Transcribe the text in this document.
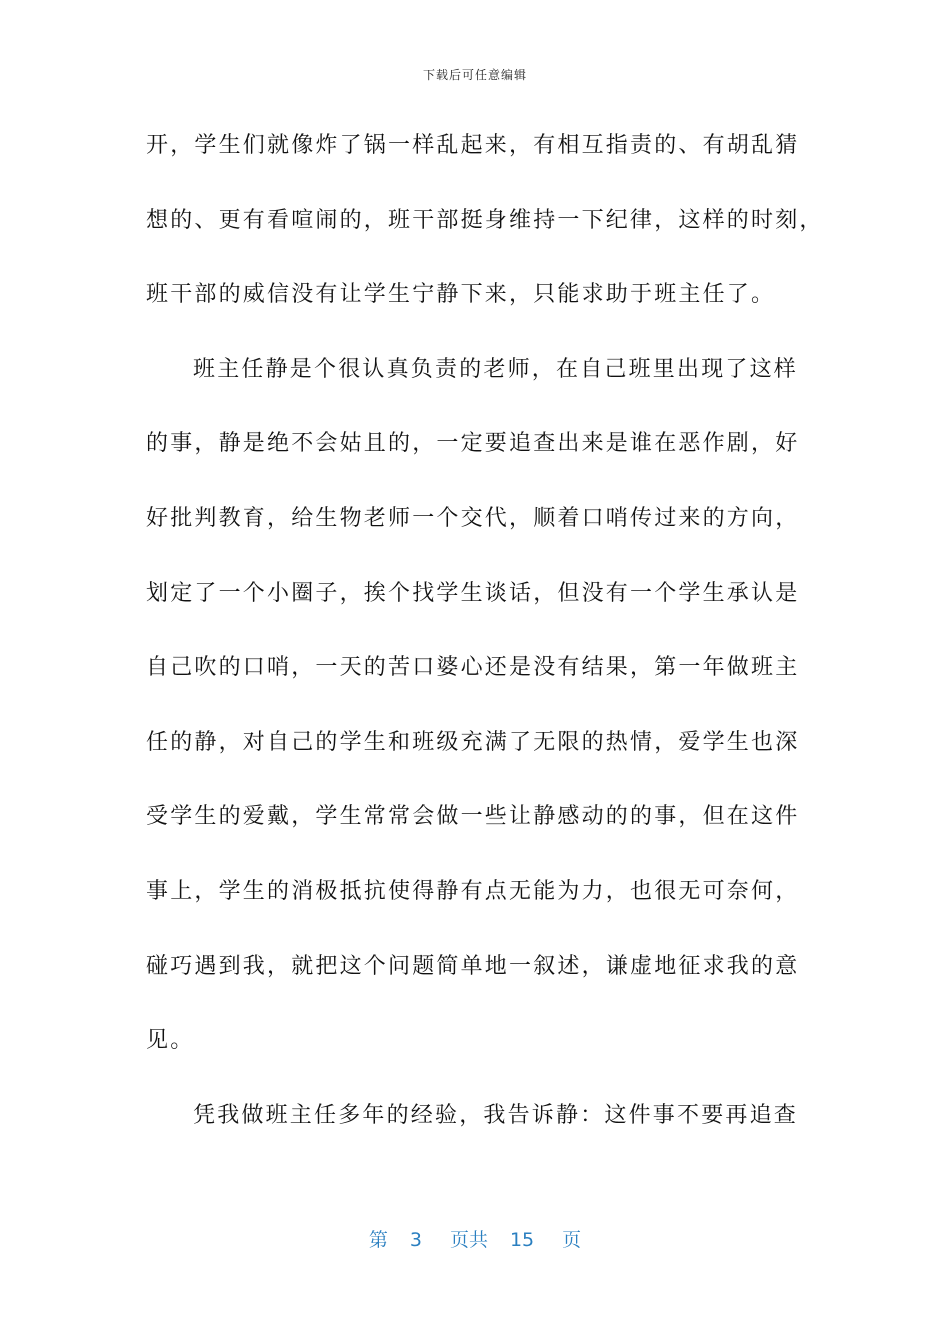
下载后可任意编辑
开，学生们就像炸了锅一样乱起来，有相互指责的、有胡乱猜
想的、更有看喧闹的，班干部挺身维持一下纪律，这样的时刻，
班干部的威信没有让学生宁静下来，只能求助于班主任了。
班主任静是个很认真负责的老师，在自己班里出现了这样
的事，静是绝不会姑且的，一定要追查出来是谁在恶作剧，好
好批判教育，给生物老师一个交代，顺着口哨传过来的方向，
划定了一个小圈子，挨个找学生谈话，但没有一个学生承认是
自己吹的口哨，一天的苦口婆心还是没有结果，第一年做班主
任的静，对自己的学生和班级充满了无限的热情，爱学生也深
受学生的爱戴，学生常常会做一些让静感动的的事，但在这件
事上，学生的消极抵抗使得静有点无能为力，也很无可奈何，
碰巧遇到我，就把这个问题简单地一叙述，谦虚地征求我的意
见。
凭我做班主任多年的经验，我告诉静：这件事不要再追查
第 3 页共 15 页
